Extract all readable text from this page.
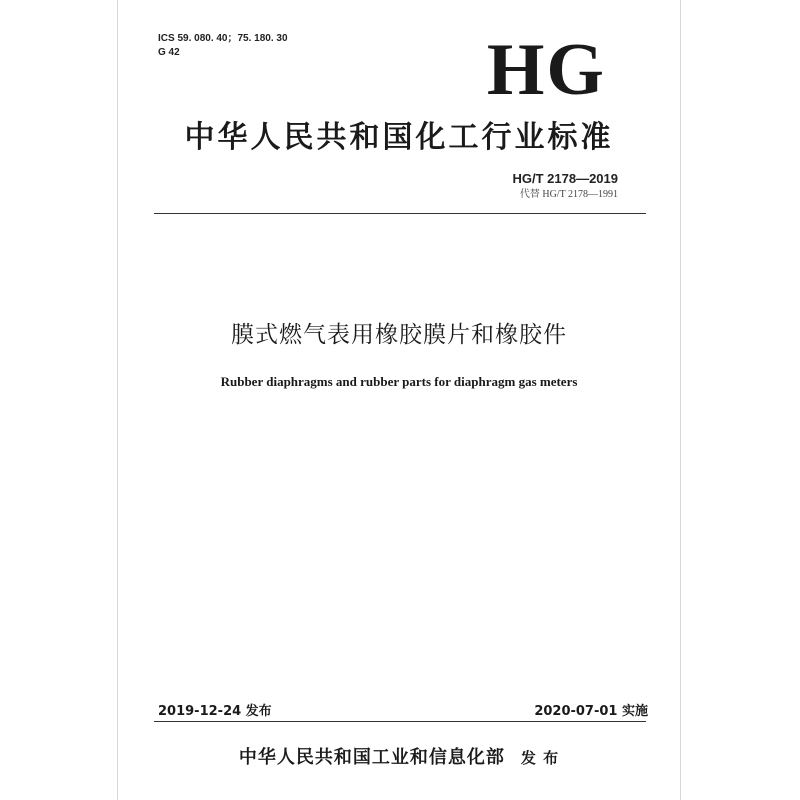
ICS 59. 080. 40；75. 180. 30
G 42	HG
中华人民共和国化工行业标准
HG/T 2178—2019
代替 HG/T 2178—1991
膜式燃气表用橡胶膜片和橡胶件
Rubber diaphragms and rubber parts for diaphragm gas meters
2019-12-24 发布	2020-07-01 实施
中华人民共和国工业和信息化部 发 布
